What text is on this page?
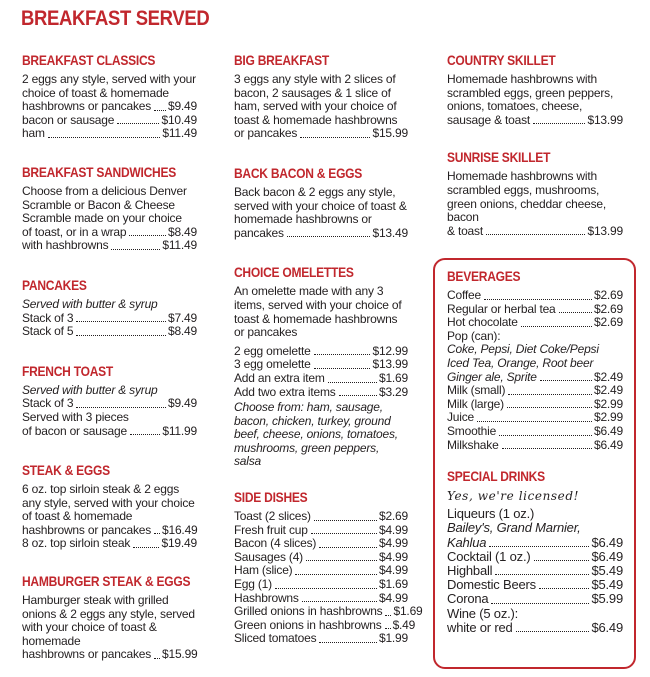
BREAKFAST SERVED
BREAKFAST CLASSICS
2 eggs any style, served with your choice of toast & homemade
hashbrowns or pancakes $9.49
bacon or sausage	$10.49
ham	$11.49
BREAKFAST SANDWICHES
Choose from a delicious Denver Scramble or Bacon & Cheese Scramble made on your choice
of toast, or in a wrap	$8.49
with hashbrowns	$11.49
PANCAKES
Served with butter & syrup
Stack of 3	$7.49
Stack of 5	$8.49
FRENCH TOAST
Served with butter & syrup
Stack of 3	$9.49
Served with 3 pieces
of bacon or sausage	$11.99
STEAK & EGGS
6 oz. top sirloin steak & 2 eggs any style, served with your choice of toast & homemade
hashbrowns or pancakes $16.49
8 oz. top sirloin steak	$19.49
HAMBURGER STEAK & EGGS
Hamburger steak with grilled onions & 2 eggs any style, served with your choice of toast & homemade
hashbrowns or pancakes $15.99
BIG BREAKFAST
3 eggs any style with 2 slices of bacon, 2 sausages & 1 slice of ham, served with your choice of toast & homemade hashbrowns
or pancakes	$15.99
BACK BACON & EGGS
Back bacon & 2 eggs any style, served with your choice of toast & homemade hashbrowns or
pancakes	$13.49
CHOICE OMELETTES
An omelette made with any 3 items, served with your choice of toast & homemade hashbrowns or pancakes
2 egg omelette	$12.99
3 egg omelette	$13.99
Add an extra item	$1.69
Add two extra items	$3.29
Choose from: ham, sausage, bacon, chicken, turkey, ground beef, cheese, onions, tomatoes, mushrooms, green peppers, salsa
SIDE DISHES
Toast (2 slices)	$2.69
Fresh fruit cup	$4.99
Bacon (4 slices)	$4.99
Sausages (4)	$4.99
Ham (slice)	$4.99
Egg (1)	$1.69
Hashbrowns	$4.99
Grilled onions in hashbrowns $1.69
Green onions in hashbrowns $.49
Sliced tomatoes	$1.99
COUNTRY SKILLET
Homemade hashbrowns with scrambled eggs, green peppers, onions, tomatoes, cheese,
sausage & toast	$13.99
SUNRISE SKILLET
Homemade hashbrowns with scrambled eggs, mushrooms, green onions, cheddar cheese, bacon
& toast	$13.99
BEVERAGES
Coffee	$2.69
Regular or herbal tea	$2.69
Hot chocolate	$2.69
Pop (can):
Coke, Pepsi, Diet Coke/Pepsi Iced Tea, Orange, Root beer
Ginger ale, Sprite	$2.49
Milk (small)	$2.49
Milk (large)	$2.99
Juice	$2.99
Smoothie	$6.49
Milkshake	$6.49
SPECIAL DRINKS
Yes, we're licensed!
Liqueurs (1 oz.)
Bailey's, Grand Marnier,
Kahlua	$6.49
Cocktail (1 oz.)	$6.49
Highball	$5.49
Domestic Beers	$5.49
Corona	$5.99
Wine (5 oz.):
white or red	$6.49
